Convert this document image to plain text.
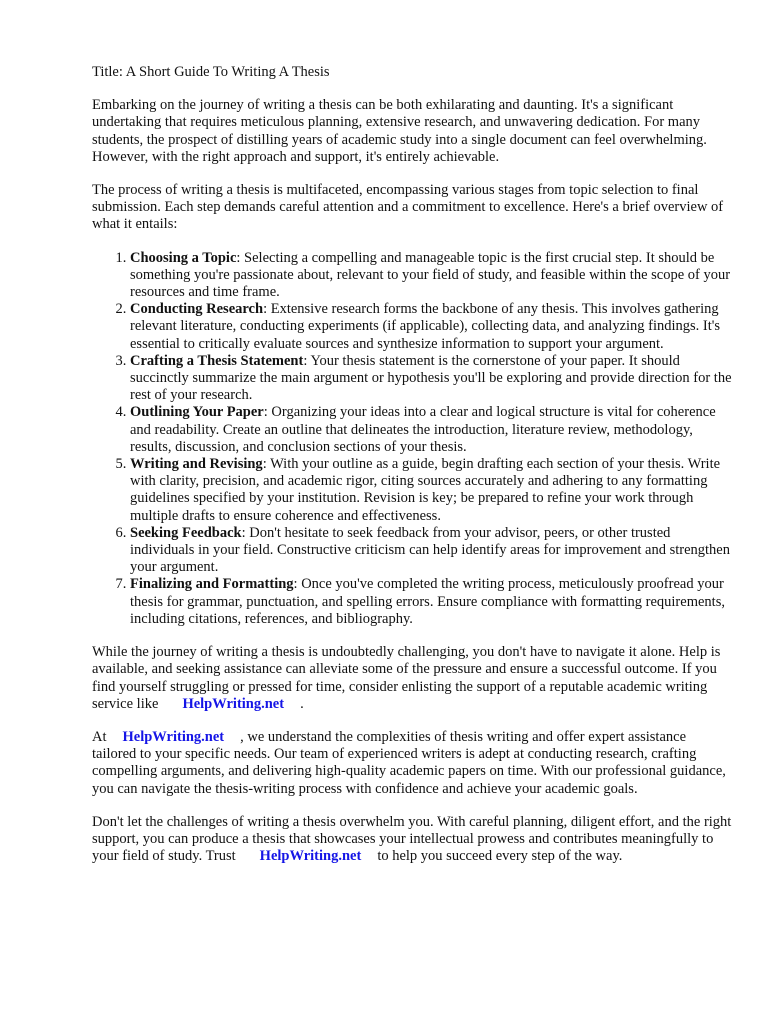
Title: A Short Guide To Writing A Thesis

Embarking on the journey of writing a thesis can be both exhilarating and daunting. It's a significant undertaking that requires meticulous planning, extensive research, and unwavering dedication. For many students, the prospect of distilling years of academic study into a single document can feel overwhelming. However, with the right approach and support, it's entirely achievable.

The process of writing a thesis is multifaceted, encompassing various stages from topic selection to final submission. Each step demands careful attention and a commitment to excellence. Here's a brief overview of what it entails:

1. Choosing a Topic: Selecting a compelling and manageable topic is the first crucial step. It should be something you're passionate about, relevant to your field of study, and feasible within the scope of your resources and time frame.
2. Conducting Research: Extensive research forms the backbone of any thesis. This involves gathering relevant literature, conducting experiments (if applicable), collecting data, and analyzing findings. It's essential to critically evaluate sources and synthesize information to support your argument.
3. Crafting a Thesis Statement: Your thesis statement is the cornerstone of your paper. It should succinctly summarize the main argument or hypothesis you'll be exploring and provide direction for the rest of your research.
4. Outlining Your Paper: Organizing your ideas into a clear and logical structure is vital for coherence and readability. Create an outline that delineates the introduction, literature review, methodology, results, discussion, and conclusion sections of your thesis.
5. Writing and Revising: With your outline as a guide, begin drafting each section of your thesis. Write with clarity, precision, and academic rigor, citing sources accurately and adhering to any formatting guidelines specified by your institution. Revision is key; be prepared to refine your work through multiple drafts to ensure coherence and effectiveness.
6. Seeking Feedback: Don't hesitate to seek feedback from your advisor, peers, or other trusted individuals in your field. Constructive criticism can help identify areas for improvement and strengthen your argument.
7. Finalizing and Formatting: Once you've completed the writing process, meticulously proofread your thesis for grammar, punctuation, and spelling errors. Ensure compliance with formatting requirements, including citations, references, and bibliography.

While the journey of writing a thesis is undoubtedly challenging, you don't have to navigate it alone. Help is available, and seeking assistance can alleviate some of the pressure and ensure a successful outcome. If you find yourself struggling or pressed for time, consider enlisting the support of a reputable academic writing service like HelpWriting.net .

At HelpWriting.net , we understand the complexities of thesis writing and offer expert assistance tailored to your specific needs. Our team of experienced writers is adept at conducting research, crafting compelling arguments, and delivering high-quality academic papers on time. With our professional guidance, you can navigate the thesis-writing process with confidence and achieve your academic goals.

Don't let the challenges of writing a thesis overwhelm you. With careful planning, diligent effort, and the right support, you can produce a thesis that showcases your intellectual prowess and contributes meaningfully to your field of study. Trust HelpWriting.net to help you succeed every step of the way.
